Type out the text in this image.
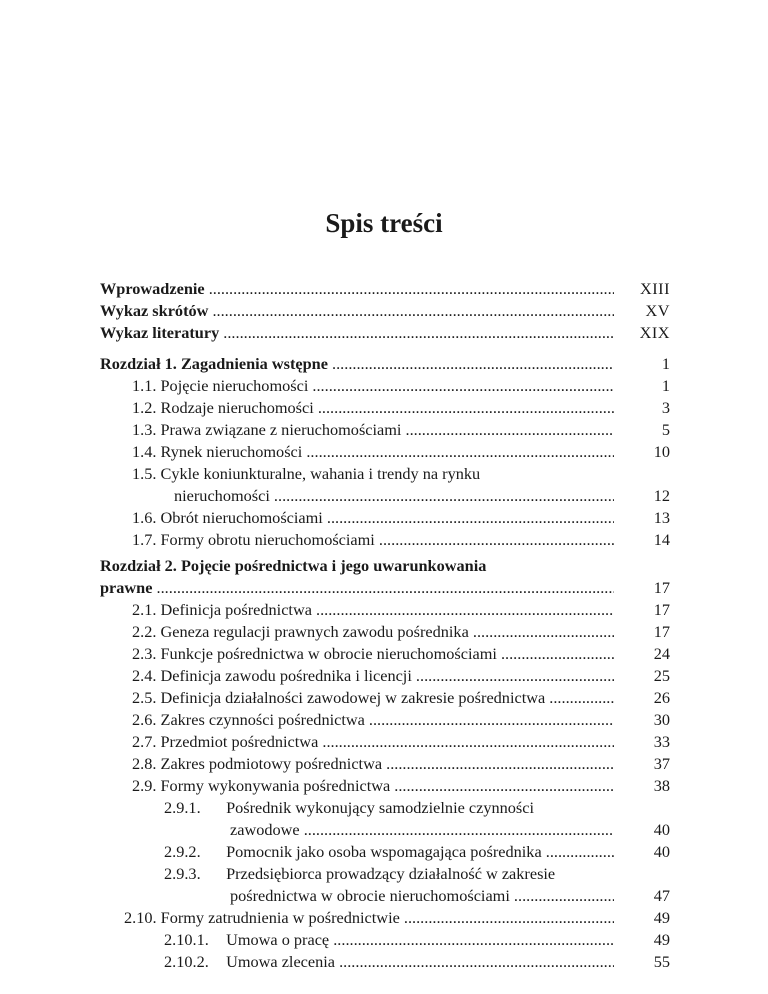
Spis treści
Wprowadzenie .....	XIII
Wykaz skrótów .....	XV
Wykaz literatury .....	XIX
Rozdział 1. Zagadnienia wstępne .....	1
1.1. Pojęcie nieruchomości .....	1
1.2. Rodzaje nieruchomości .....	3
1.3. Prawa związane z nieruchomościami .....	5
1.4. Rynek nieruchomości .....	10
1.5. Cykle koniunkturalne, wahania i trendy na rynku
nieruchomości .....	12
1.6. Obrót nieruchomościami .....	13
1.7. Formy obrotu nieruchomościami .....	14
Rozdział 2. Pojęcie pośrednictwa i jego uwarunkowania
prawne .....	17
2.1. Definicja pośrednictwa .....	17
2.2. Geneza regulacji prawnych zawodu pośrednika .....	17
2.3. Funkcje pośrednictwa w obrocie nieruchomościami .....	24
2.4. Definicja zawodu pośrednika i licencji .....	25
2.5. Definicja działalności zawodowej w zakresie pośrednictwa .....	26
2.6. Zakres czynności pośrednictwa .....	30
2.7. Przedmiot pośrednictwa .....	33
2.8. Zakres podmiotowy pośrednictwa .....	37
2.9. Formy wykonywania pośrednictwa .....	38
2.9.1. Pośrednik wykonujący samodzielnie czynności
zawodowe .....	40
2.9.2. Pomocnik jako osoba wspomagająca pośrednika .....	40
2.9.3. Przedsiębiorca prowadzący działalność w zakresie
pośrednictwa w obrocie nieruchomościami .....	47
2.10. Formy zatrudnienia w pośrednictwie .....	49
2.10.1. Umowa o pracę .....	49
2.10.2. Umowa zlecenia .....	55
